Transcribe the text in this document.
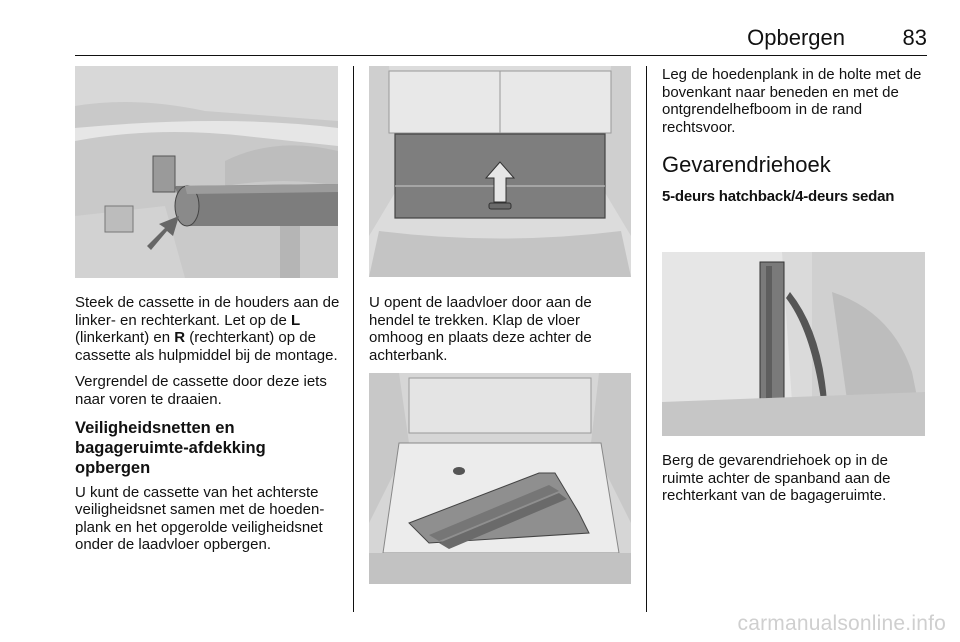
Opbergen	83

Steek de cassette in de houders aan de linker- en rechterkant. Let op de L (linkerkant) en R (rechterkant) op de cassette als hulpmiddel bij de montage.

Vergrendel de cassette door deze iets naar voren te draaien.

Veiligheidsnetten en bagageruimte-afdekking opbergen

U kunt de cassette van het achterste veiligheidsnet samen met de hoedenplank en het opgerolde veiligheidsnet onder de laadvloer opbergen.

U opent de laadvloer door aan de hendel te trekken. Klap de vloer omhoog en plaats deze achter de achterbank.

Leg de hoedenplank in de holte met de bovenkant naar beneden en met de ontgrendelhefboom in de rand rechtsvoor.

Gevarendriehoek

5-deurs hatchback/4-deurs sedan

Berg de gevarendriehoek op in de ruimte achter de spanband aan de rechterkant van de bagageruimte.

carmanualsonline.info
